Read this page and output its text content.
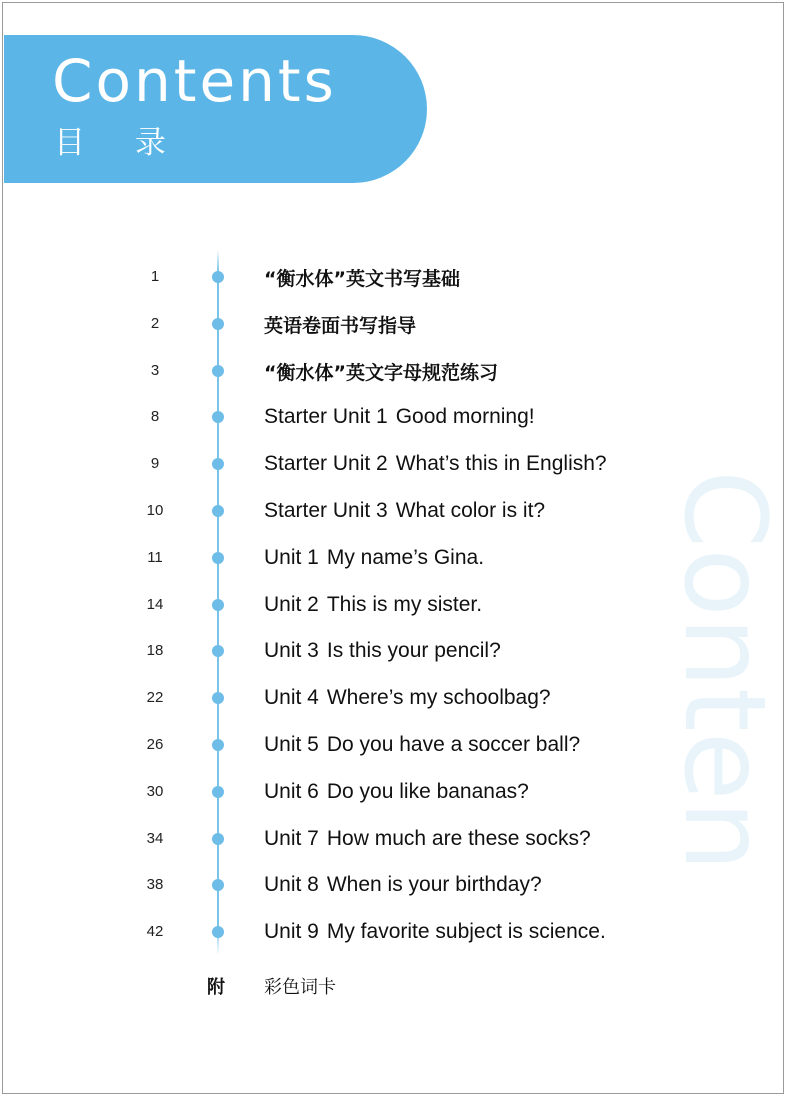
Contents
目 录
Conten
1	“衡水体”英文书写基础
2	英语卷面书写指导
3	“衡水体”英文字母规范练习
8	Starter Unit 1 Good morning!
9	Starter Unit 2 What’s this in English?
10	Starter Unit 3 What color is it?
11	Unit 1 My name’s Gina.
14	Unit 2 This is my sister.
18	Unit 3 Is this your pencil?
22	Unit 4 Where’s my schoolbag?
26	Unit 5 Do you have a soccer ball?
30	Unit 6 Do you like bananas?
34	Unit 7 How much are these socks?
38	Unit 8 When is your birthday?
42	Unit 9 My favorite subject is science.
附 彩色词卡
